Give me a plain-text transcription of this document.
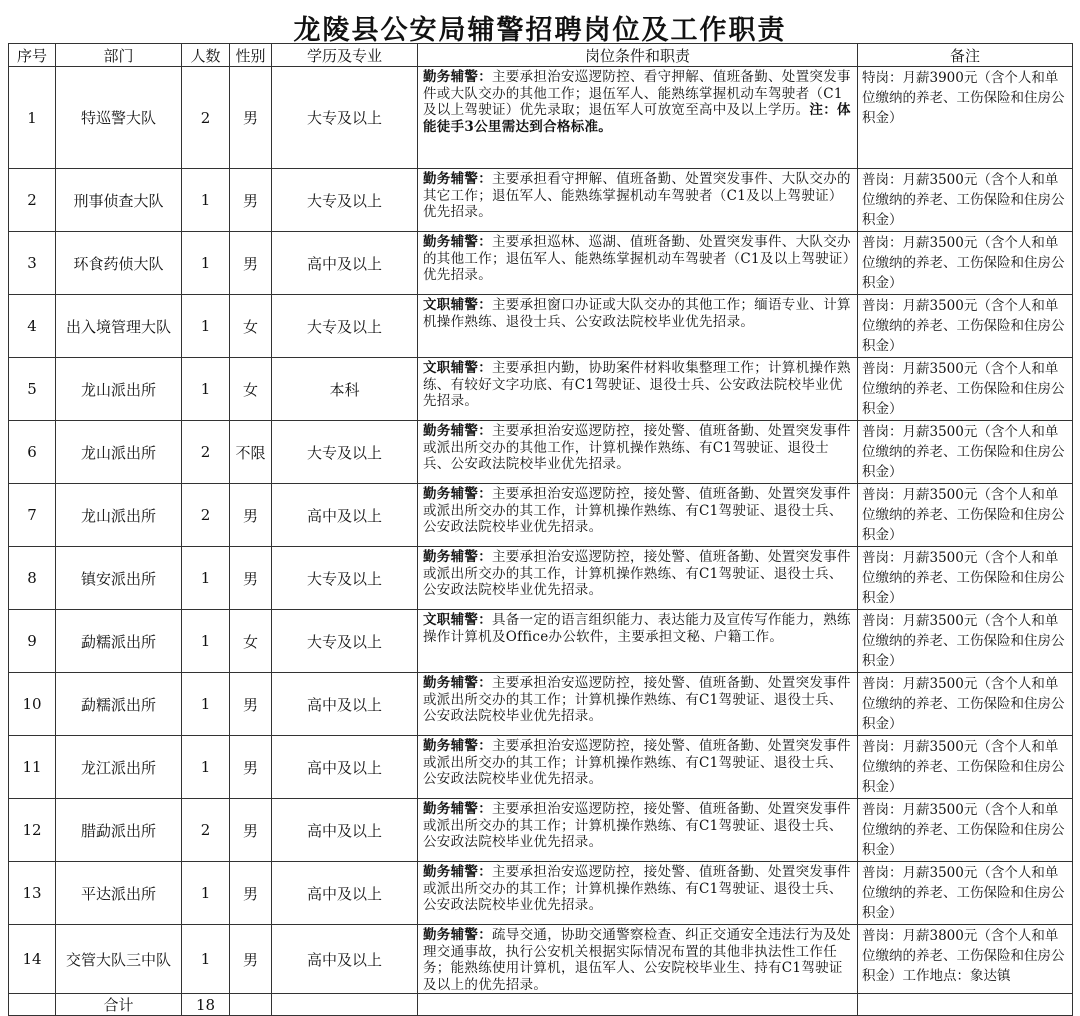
龙陵县公安局辅警招聘岗位及工作职责
序号	部门	人数	性别	学历及专业	岗位条件和职责	备注
1	特巡警大队	2	男	大专及以上	勤务辅警：主要承担治安巡逻防控、看守押解、值班备勤、处置突发事件或大队交办的其他工作；退伍军人、能熟练掌握机动车驾驶者（C1及以上驾驶证）优先录取；退伍军人可放宽至高中及以上学历。注：体能徒手3公里需达到合格标准。	特岗：月薪3900元（含个人和单位缴纳的养老、工伤保险和住房公积金）
2	刑事侦查大队	1	男	大专及以上	勤务辅警：主要承担看守押解、值班备勤、处置突发事件、大队交办的其它工作；退伍军人、能熟练掌握机动车驾驶者（C1及以上驾驶证）优先招录。	普岗：月薪3500元（含个人和单位缴纳的养老、工伤保险和住房公积金）
3	环食药侦大队	1	男	高中及以上	勤务辅警：主要承担巡林、巡湖、值班备勤、处置突发事件、大队交办的其他工作；退伍军人、能熟练掌握机动车驾驶者（C1及以上驾驶证）优先招录。	普岗：月薪3500元（含个人和单位缴纳的养老、工伤保险和住房公积金）
4	出入境管理大队	1	女	大专及以上	文职辅警：主要承担窗口办证或大队交办的其他工作；缅语专业、计算机操作熟练、退役士兵、公安政法院校毕业优先招录。	普岗：月薪3500元（含个人和单位缴纳的养老、工伤保险和住房公积金）
5	龙山派出所	1	女	本科	文职辅警：主要承担内勤，协助案件材料收集整理工作；计算机操作熟练、有较好文字功底、有C1驾驶证、退役士兵、公安政法院校毕业优先招录。	普岗：月薪3500元（含个人和单位缴纳的养老、工伤保险和住房公积金）
6	龙山派出所	2	不限	大专及以上	勤务辅警：主要承担治安巡逻防控，接处警、值班备勤、处置突发事件或派出所交办的其他工作，计算机操作熟练、有C1驾驶证、退役士兵、公安政法院校毕业优先招录。	普岗：月薪3500元（含个人和单位缴纳的养老、工伤保险和住房公积金）
7	龙山派出所	2	男	高中及以上	勤务辅警：主要承担治安巡逻防控，接处警、值班备勤、处置突发事件或派出所交办的其工作，计算机操作熟练、有C1驾驶证、退役士兵、公安政法院校毕业优先招录。	普岗：月薪3500元（含个人和单位缴纳的养老、工伤保险和住房公积金）
8	镇安派出所	1	男	大专及以上	勤务辅警：主要承担治安巡逻防控，接处警、值班备勤、处置突发事件或派出所交办的其工作，计算机操作熟练、有C1驾驶证、退役士兵、公安政法院校毕业优先招录。	普岗：月薪3500元（含个人和单位缴纳的养老、工伤保险和住房公积金）
9	勐糯派出所	1	女	大专及以上	文职辅警：具备一定的语言组织能力、表达能力及宣传写作能力，熟练操作计算机及Office办公软件，主要承担文秘、户籍工作。	普岗：月薪3500元（含个人和单位缴纳的养老、工伤保险和住房公积金）
10	勐糯派出所	1	男	高中及以上	勤务辅警：主要承担治安巡逻防控，接处警、值班备勤、处置突发事件或派出所交办的其工作；计算机操作熟练、有C1驾驶证、退役士兵、公安政法院校毕业优先招录。	普岗：月薪3500元（含个人和单位缴纳的养老、工伤保险和住房公积金）
11	龙江派出所	1	男	高中及以上	勤务辅警：主要承担治安巡逻防控，接处警、值班备勤、处置突发事件或派出所交办的其工作；计算机操作熟练、有C1驾驶证、退役士兵、公安政法院校毕业优先招录。	普岗：月薪3500元（含个人和单位缴纳的养老、工伤保险和住房公积金）
12	腊勐派出所	2	男	高中及以上	勤务辅警：主要承担治安巡逻防控，接处警、值班备勤、处置突发事件或派出所交办的其工作；计算机操作熟练、有C1驾驶证、退役士兵、公安政法院校毕业优先招录。	普岗：月薪3500元（含个人和单位缴纳的养老、工伤保险和住房公积金）
13	平达派出所	1	男	高中及以上	勤务辅警：主要承担治安巡逻防控，接处警、值班备勤、处置突发事件或派出所交办的其工作；计算机操作熟练、有C1驾驶证、退役士兵、公安政法院校毕业优先招录。	普岗：月薪3500元（含个人和单位缴纳的养老、工伤保险和住房公积金）
14	交管大队三中队	1	男	高中及以上	勤务辅警：疏导交通，协助交通警察检查、纠正交通安全违法行为及处理交通事故，执行公安机关根据实际情况布置的其他非执法性工作任务；能熟练使用计算机，退伍军人、公安院校毕业生、持有C1驾驶证及以上的优先招录。	普岗：月薪3800元（含个人和单位缴纳的养老、工伤保险和住房公积金）工作地点：象达镇
	合计	18				
